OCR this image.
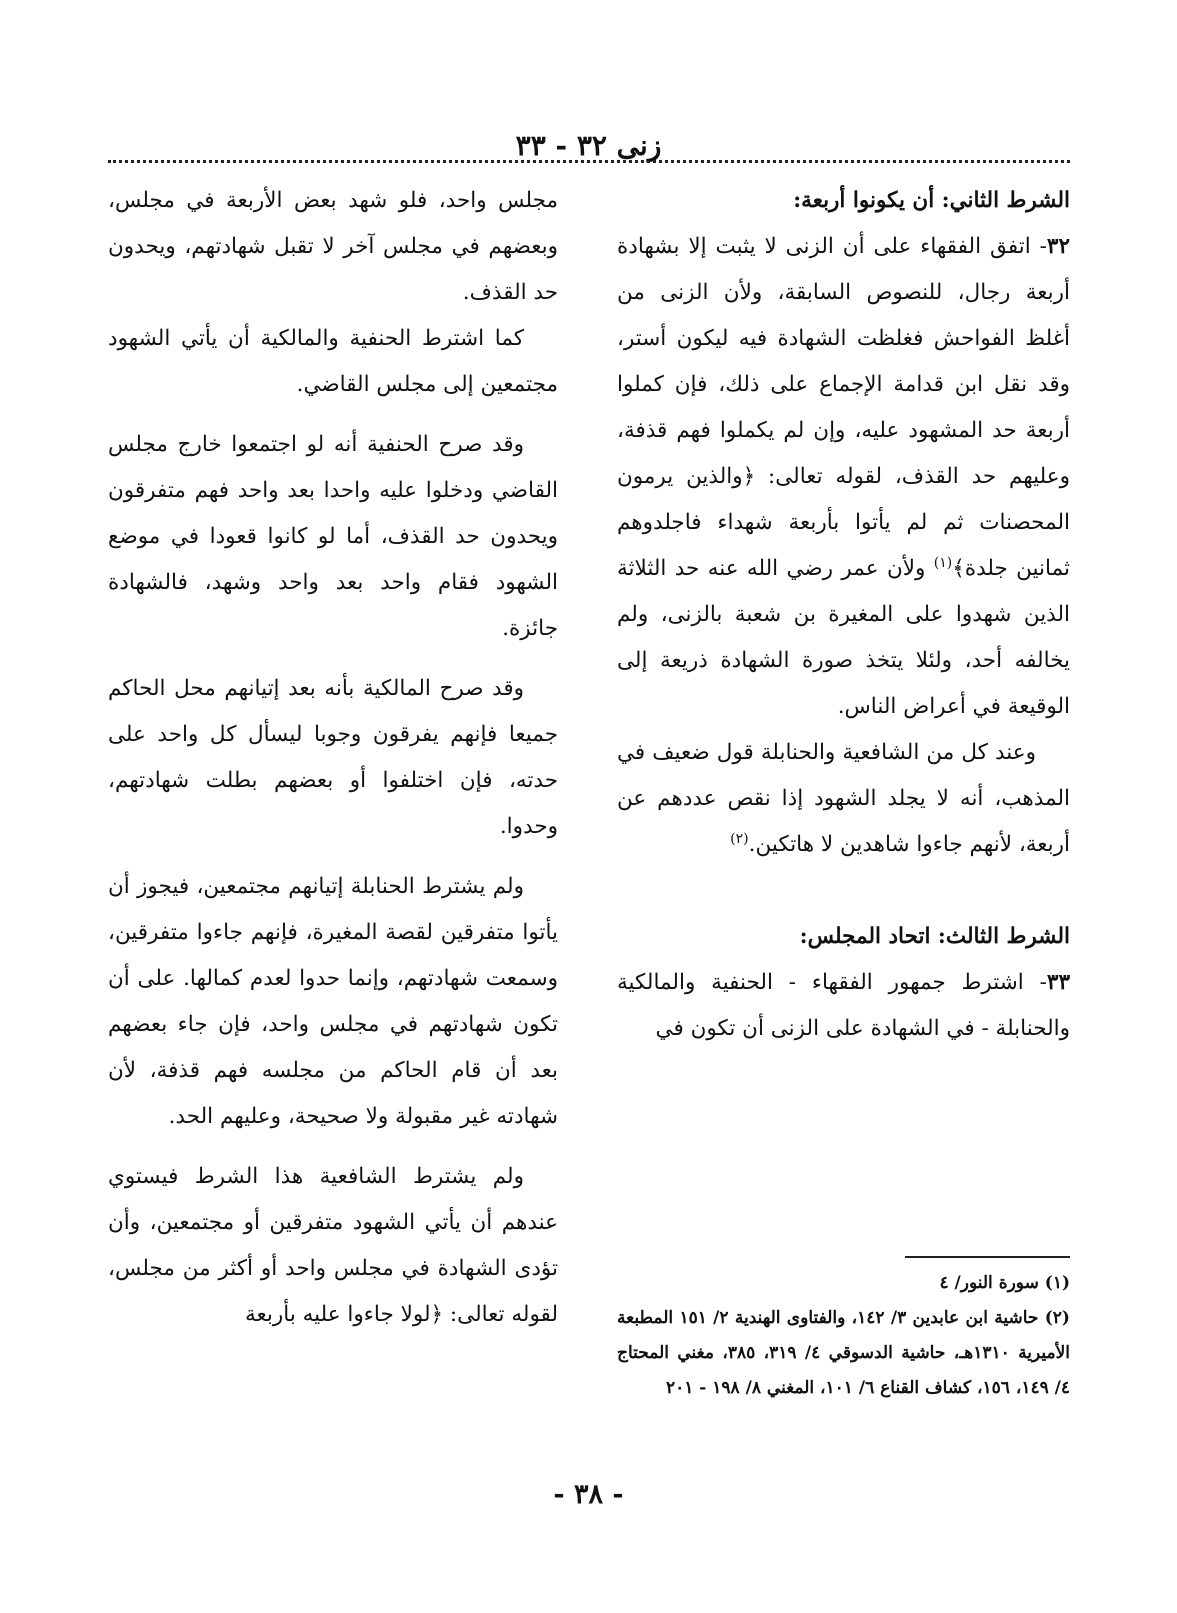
زنى ٣٢ - ٣٣

الشرط الثاني: أن يكونوا أربعة:

٣٢- اتفق الفقهاء على أن الزنى لا يثبت إلا بشهادة أربعة رجال، للنصوص السابقة، ولأن الزنى من أغلظ الفواحش فغلظت الشهادة فيه ليكون أستر، وقد نقل ابن قدامة الإجماع على ذلك، فإن كملوا أربعة حد المشهود عليه، وإن لم يكملوا فهم قذفة، وعليهم حد القذف، لقوله تعالى: ﴿والذين يرمون المحصنات ثم لم يأتوا بأربعة شهداء فاجلدوهم ثمانين جلدة﴾$^{(١)}$ ولأن عمر رضي الله عنه حد الثلاثة الذين شهدوا على المغيرة بن شعبة بالزنى، ولم يخالفه أحد، ولئلا يتخذ صورة الشهادة ذريعة إلى الوقيعة في أعراض الناس.

وعند كل من الشافعية والحنابلة قول ضعيف في المذهب، أنه لا يجلد الشهود إذا نقص عددهم عن أربعة، لأنهم جاءوا شاهدين لا هاتكين.$^{(٢)}$

الشرط الثالث: اتحاد المجلس:

٣٣- اشترط جمهور الفقهاء - الحنفية والمالكية والحنابلة - في الشهادة على الزنى أن تكون في

مجلس واحد، فلو شهد بعض الأربعة في مجلس، وبعضهم في مجلس آخر لا تقبل شهادتهم، ويحدون حد القذف.

كما اشترط الحنفية والمالكية أن يأتي الشهود مجتمعين إلى مجلس القاضي.

وقد صرح الحنفية أنه لو اجتمعوا خارج مجلس القاضي ودخلوا عليه واحدا بعد واحد فهم متفرقون ويحدون حد القذف، أما لو كانوا قعودا في موضع الشهود فقام واحد بعد واحد وشهد، فالشهادة جائزة.

وقد صرح المالكية بأنه بعد إتيانهم محل الحاكم جميعا فإنهم يفرقون وجوبا ليسأل كل واحد على حدته، فإن اختلفوا أو بعضهم بطلت شهادتهم، وحدوا.

ولم يشترط الحنابلة إتيانهم مجتمعين، فيجوز أن يأتوا متفرقين لقصة المغيرة، فإنهم جاءوا متفرقين، وسمعت شهادتهم، وإنما حدوا لعدم كمالها. على أن تكون شهادتهم في مجلس واحد، فإن جاء بعضهم بعد أن قام الحاكم من مجلسه فهم قذفة، لأن شهادته غير مقبولة ولا صحيحة، وعليهم الحد.

ولم يشترط الشافعية هذا الشرط فيستوي عندهم أن يأتي الشهود متفرقين أو مجتمعين، وأن تؤدى الشهادة في مجلس واحد أو أكثر من مجلس، لقوله تعالى: ﴿لولا جاءوا عليه بأربعة

(١) سورة النور/ ٤

(٢) حاشية ابن عابدين ٣/ ١٤٢، والفتاوى الهندية ٢/ ١٥١ المطبعة الأميرية ١٣١٠هـ، حاشية الدسوقي ٤/ ٣١٩، ٣٨٥، مغني المحتاج ٤/ ١٤٩، ١٥٦، كشاف القناع ٦/ ١٠١، المغني ٨/ ١٩٨ - ٢٠١

- ٣٨ -
